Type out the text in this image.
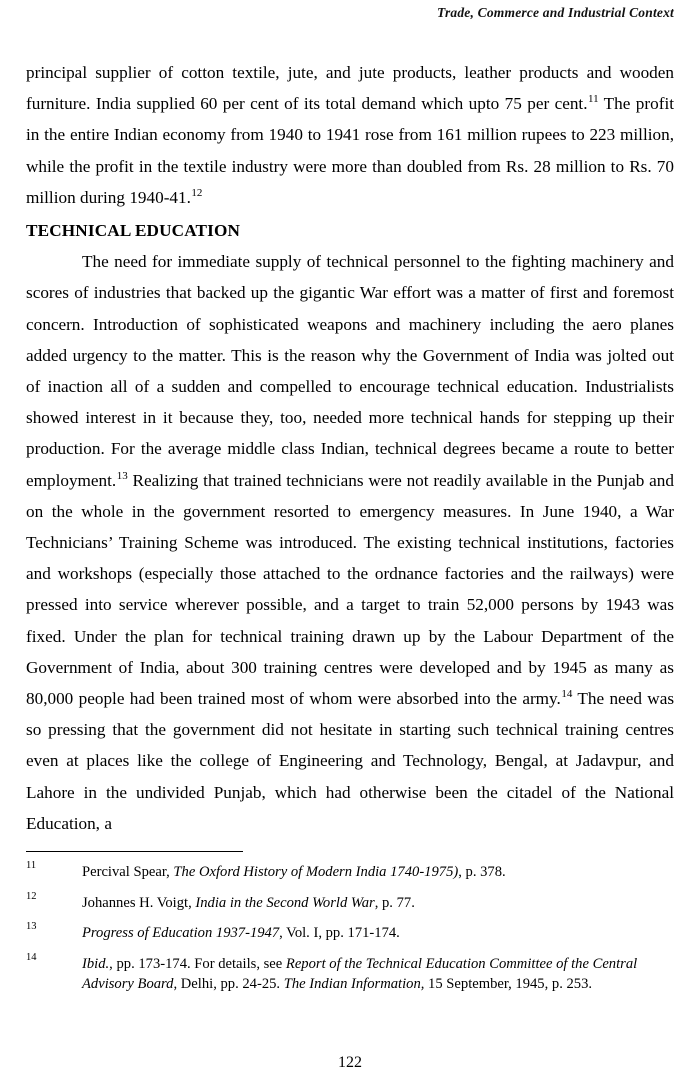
Trade, Commerce and Industrial Context

principal supplier of cotton textile, jute, and jute products, leather products and wooden furniture. India supplied 60 per cent of its total demand which upto 75 per cent.$^{11}$ The profit in the entire Indian economy from 1940 to 1941 rose from 161 million rupees to 223 million, while the profit in the textile industry were more than doubled from Rs. 28 million to Rs. 70 million during 1940-41.12

TECHNICAL EDUCATION

The need for immediate supply of technical personnel to the fighting machinery and scores of industries that backed up the gigantic War effort was a matter of first and foremost concern. Introduction of sophisticated weapons and machinery including the aero planes added urgency to the matter. This is the reason why the Government of India was jolted out of inaction all of a sudden and compelled to encourage technical education. Industrialists showed interest in it because they, too, needed more technical hands for stepping up their production. For the average middle class Indian, technical degrees became a route to better employment.$^{13}$ Realizing that trained technicians were not readily available in the Punjab and on the whole in the government resorted to emergency measures. In June 1940, a War Technicians’ Training Scheme was introduced. The existing technical institutions, factories and workshops (especially those attached to the ordnance factories and the railways) were pressed into service wherever possible, and a target to train 52,000 persons by 1943 was fixed. Under the plan for technical training drawn up by the Labour Department of the Government of India, about 300 training centres were developed and by 1945 as many as 80,000 people had been trained most of whom were absorbed into the army.$^{14}$ The need was so pressing that the government did not hesitate in starting such technical training centres even at places like the college of Engineering and Technology, Bengal, at Jadavpur, and Lahore in the undivided Punjab, which had otherwise been the citadel of the National Education, a

11	Percival Spear, The Oxford History of Modern India 1740-1975), p. 378.
12	Johannes H. Voigt, India in the Second World War, p. 77.
13	Progress of Education 1937-1947, Vol. I, pp. 171-174.
14	Ibid., pp. 173-174. For details, see Report of the Technical Education Committee of the Central Advisory Board, Delhi, pp. 24-25. The Indian Information, 15 September, 1945, p. 253.
122
